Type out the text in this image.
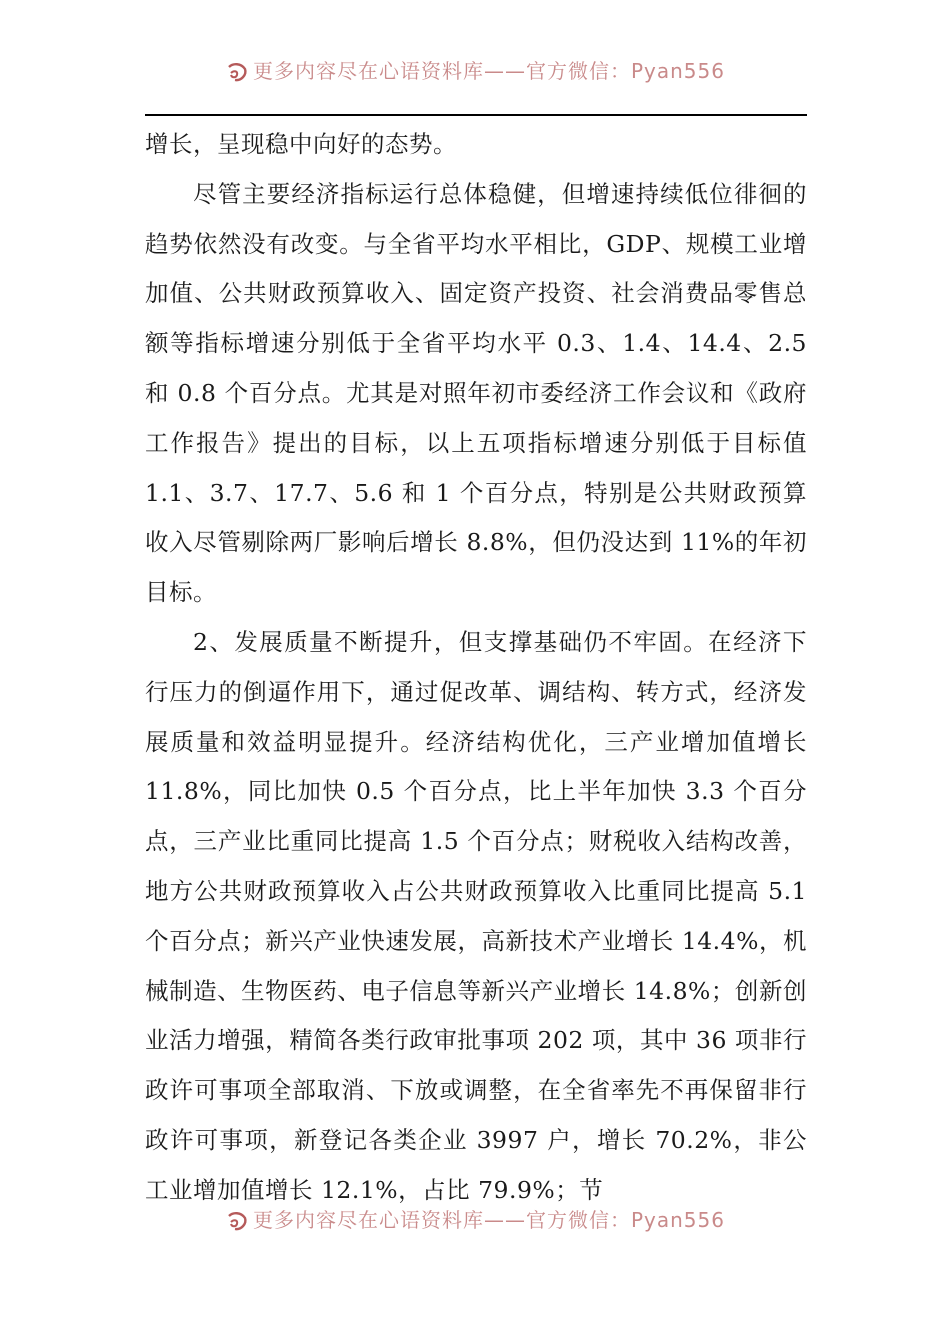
更多内容尽在心语资料库——官方微信：Pyan556

增长，呈现稳中向好的态势。

尽管主要经济指标运行总体稳健，但增速持续低位徘徊的趋势依然没有改变。与全省平均水平相比，GDP、规模工业增加值、公共财政预算收入、固定资产投资、社会消费品零售总额等指标增速分别低于全省平均水平 0.3、1.4、14.4、2.5 和 0.8 个百分点。尤其是对照年初市委经济工作会议和《政府工作报告》提出的目标，以上五项指标增速分别低于目标值 1.1、3.7、17.7、5.6 和 1 个百分点，特别是公共财政预算收入尽管剔除两厂影响后增长 8.8%，但仍没达到 11%的年初目标。

2、发展质量不断提升，但支撑基础仍不牢固。在经济下行压力的倒逼作用下，通过促改革、调结构、转方式，经济发展质量和效益明显提升。经济结构优化，三产业增加值增长 11.8%，同比加快 0.5 个百分点，比上半年加快 3.3 个百分点，三产业比重同比提高 1.5 个百分点；财税收入结构改善，地方公共财政预算收入占公共财政预算收入比重同比提高 5.1 个百分点；新兴产业快速发展，高新技术产业增长 14.4%，机械制造、生物医药、电子信息等新兴产业增长 14.8%；创新创业活力增强，精简各类行政审批事项 202 项，其中 36 项非行政许可事项全部取消、下放或调整，在全省率先不再保留非行政许可事项，新登记各类企业 3997 户，增长 70.2%，非公工业增加值增长 12.1%，占比 79.9%；节

更多内容尽在心语资料库——官方微信：Pyan556
